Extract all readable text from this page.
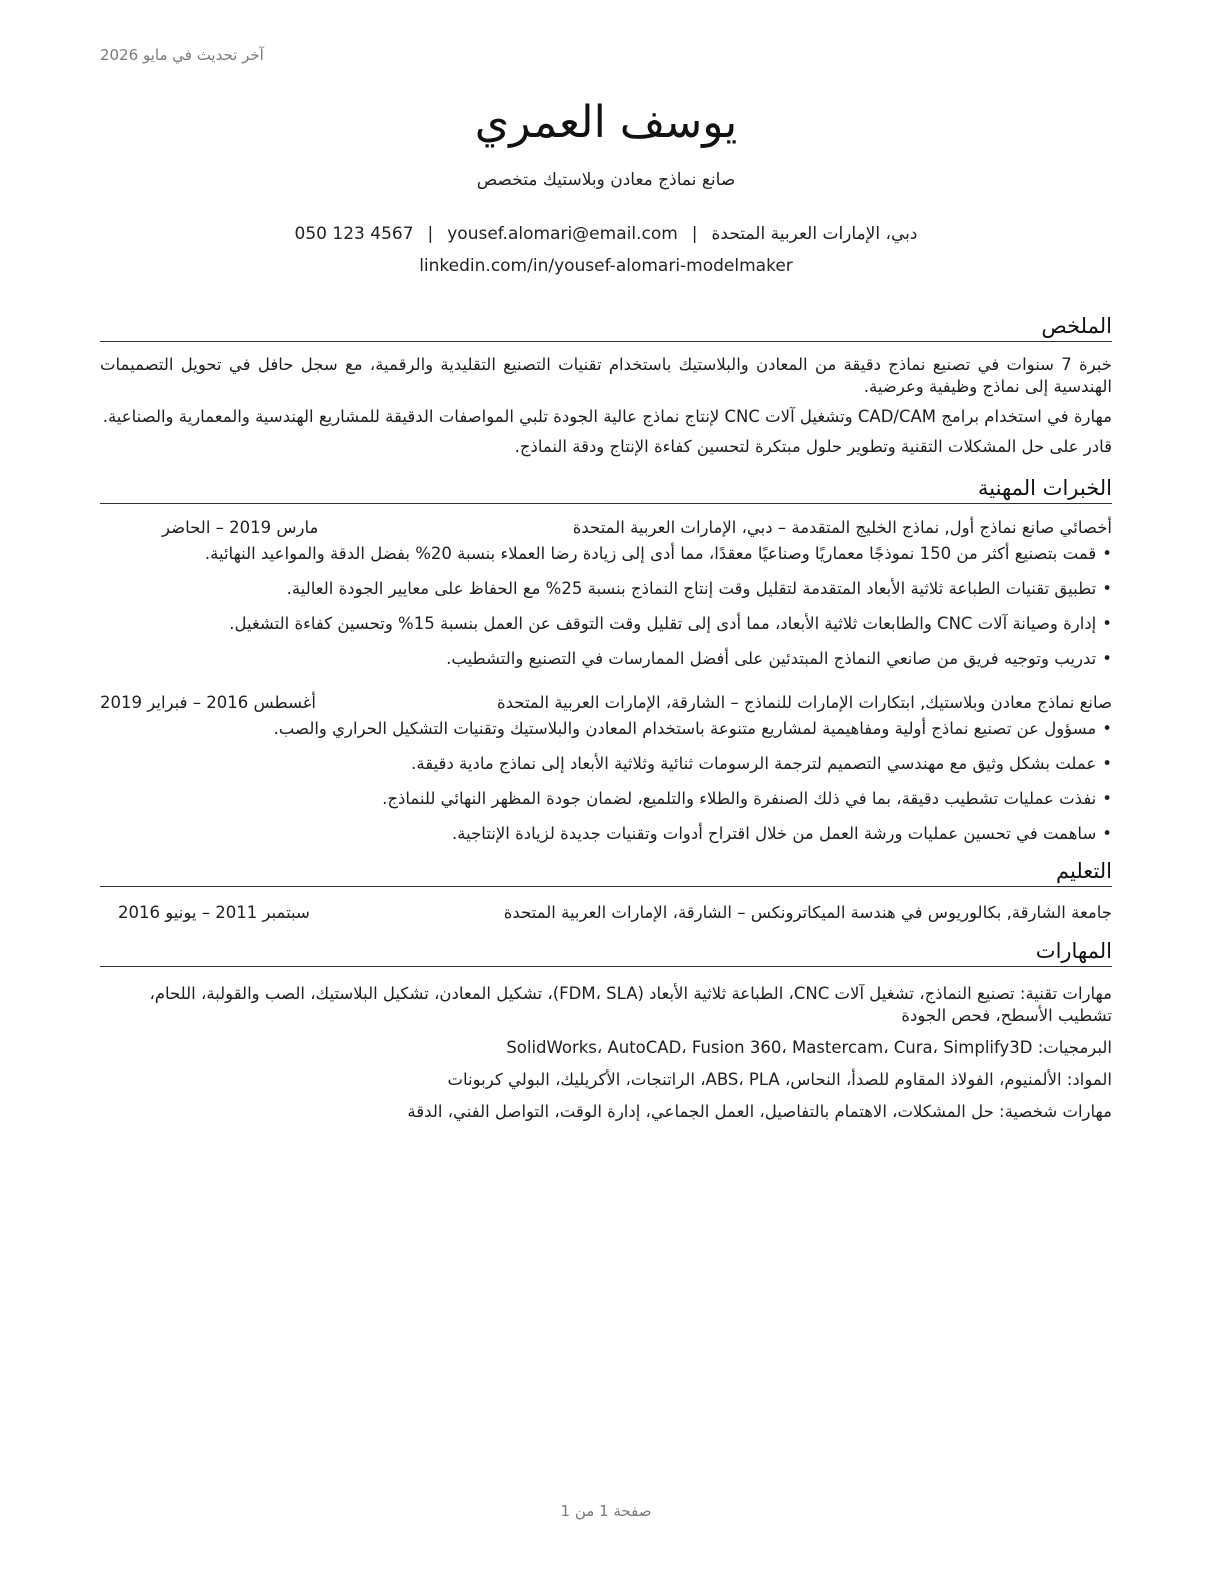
آخر تحديث في مايو 2026
يوسف العمري
صانع نماذج معادن وبلاستيك متخصص
دبي، الإمارات العربية المتحدة|yousef.alomari@email.com|050 123 4567
linkedin.com/in/yousef-alomari-modelmaker
الملخص

خبرة 7 سنوات في تصنيع نماذج دقيقة من المعادن والبلاستيك باستخدام تقنيات التصنيع التقليدية والرقمية، مع سجل حافل في تحويل التصميمات الهندسية إلى نماذج وظيفية وعرضية.

مهارة في استخدام برامج CAD/CAM وتشغيل آلات CNC لإنتاج نماذج عالية الجودة تلبي المواصفات الدقيقة للمشاريع الهندسية والمعمارية والصناعية.

قادر على حل المشكلات التقنية وتطوير حلول مبتكرة لتحسين كفاءة الإنتاج ودقة النماذج.

الخبرات المهنية
أخصائي صانع نماذج أول, نماذج الخليج المتقدمة – دبي، الإمارات العربية المتحدة
مارس 2019 – الحاضر
•قمت بتصنيع أكثر من 150 نموذجًا معماريًا وصناعيًا معقدًا، مما أدى إلى زيادة رضا العملاء بنسبة 20% بفضل الدقة والمواعيد النهائية.
•تطبيق تقنيات الطباعة ثلاثية الأبعاد المتقدمة لتقليل وقت إنتاج النماذج بنسبة 25% مع الحفاظ على معايير الجودة العالية.
•إدارة وصيانة آلات CNC والطابعات ثلاثية الأبعاد، مما أدى إلى تقليل وقت التوقف عن العمل بنسبة 15% وتحسين كفاءة التشغيل.
•تدريب وتوجيه فريق من صانعي النماذج المبتدئين على أفضل الممارسات في التصنيع والتشطيب.
صانع نماذج معادن وبلاستيك, ابتكارات الإمارات للنماذج – الشارقة، الإمارات العربية المتحدة
أغسطس 2016 – فبراير 2019
•مسؤول عن تصنيع نماذج أولية ومفاهيمية لمشاريع متنوعة باستخدام المعادن والبلاستيك وتقنيات التشكيل الحراري والصب.
•عملت بشكل وثيق مع مهندسي التصميم لترجمة الرسومات ثنائية وثلاثية الأبعاد إلى نماذج مادية دقيقة.
•نفذت عمليات تشطيب دقيقة، بما في ذلك الصنفرة والطلاء والتلميع، لضمان جودة المظهر النهائي للنماذج.
•ساهمت في تحسين عمليات ورشة العمل من خلال اقتراح أدوات وتقنيات جديدة لزيادة الإنتاجية.
التعليم
جامعة الشارقة, بكالوريوس في هندسة الميكاترونكس – الشارقة، الإمارات العربية المتحدة
سبتمبر 2011 – يونيو 2016
المهارات
مهارات تقنية: تصنيع النماذج، تشغيل آلات CNC، الطباعة ثلاثية الأبعاد (FDM، SLA)، تشكيل المعادن، تشكيل البلاستيك، الصب والقولبة، اللحام، تشطيب الأسطح، فحص الجودة
البرمجيات: SolidWorks، AutoCAD، Fusion 360، Mastercam، Cura، Simplify3D
المواد: الألمنيوم، الفولاذ المقاوم للصدأ، النحاس، ABS، PLA، الراتنجات، الأكريليك، البولي كربونات
مهارات شخصية: حل المشكلات، الاهتمام بالتفاصيل، العمل الجماعي، إدارة الوقت، التواصل الفني، الدقة
صفحة 1 من 1
